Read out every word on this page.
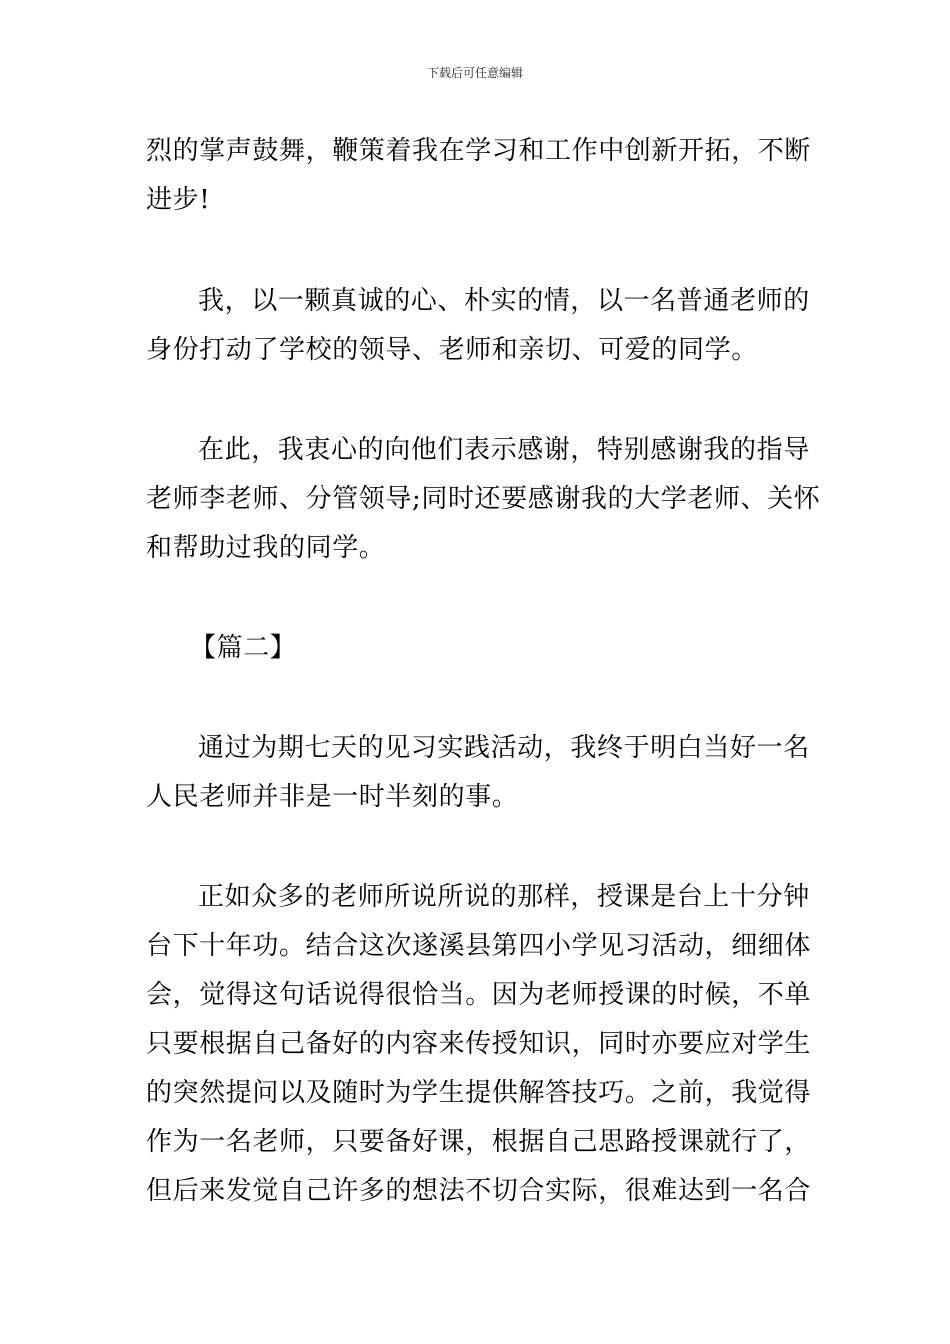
下载后可任意编辑
烈的掌声鼓舞，鞭策着我在学习和工作中创新开拓，不断
进步!
我，以一颗真诚的心、朴实的情，以一名普通老师的
身份打动了学校的领导、老师和亲切、可爱的同学。
在此，我衷心的向他们表示感谢，特别感谢我的指导
老师李老师、分管领导;同时还要感谢我的大学老师、关怀
和帮助过我的同学。
【篇二】
通过为期七天的见习实践活动，我终于明白当好一名
人民老师并非是一时半刻的事。
正如众多的老师所说所说的那样，授课是台上十分钟
台下十年功。结合这次遂溪县第四小学见习活动，细细体
会，觉得这句话说得很恰当。因为老师授课的时候，不单
只要根据自己备好的内容来传授知识，同时亦要应对学生
的突然提问以及随时为学生提供解答技巧。之前，我觉得
作为一名老师，只要备好课，根据自己思路授课就行了，
但后来发觉自己许多的想法不切合实际，很难达到一名合
